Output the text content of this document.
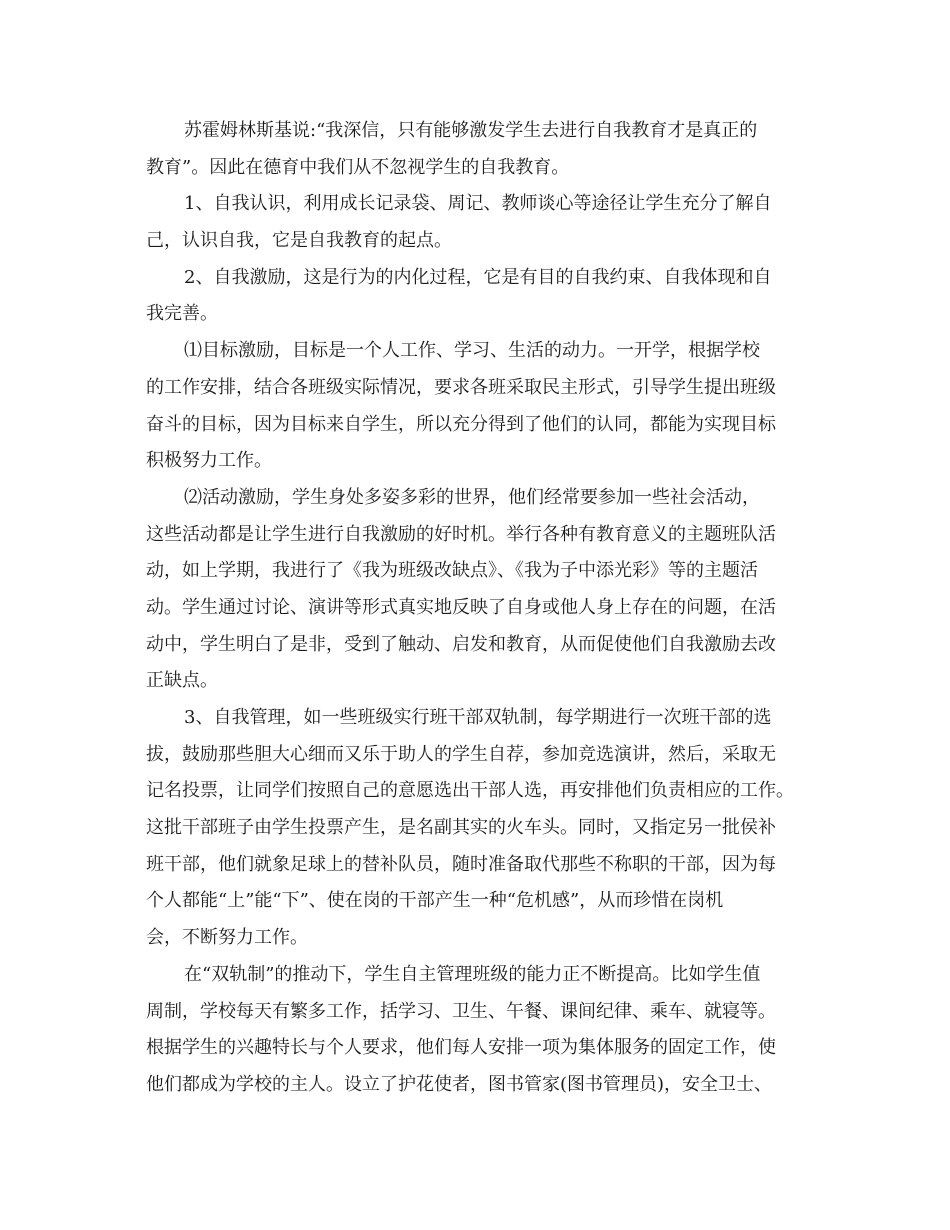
苏霍姆林斯基说:“我深信，只有能够激发学生去进行自我教育才是真正的
教育”。因此在德育中我们从不忽视学生的自我教育。
1、自我认识，利用成长记录袋、周记、教师谈心等途径让学生充分了解自
己，认识自我，它是自我教育的起点。
2、自我激励，这是行为的内化过程，它是有目的自我约束、自我体现和自
我完善。
⑴目标激励，目标是一个人工作、学习、生活的动力。一开学，根据学校
的工作安排，结合各班级实际情况，要求各班采取民主形式，引导学生提出班级
奋斗的目标，因为目标来自学生，所以充分得到了他们的认同，都能为实现目标
积极努力工作。
⑵活动激励，学生身处多姿多彩的世界，他们经常要参加一些社会活动，
这些活动都是让学生进行自我激励的好时机。举行各种有教育意义的主题班队活
动，如上学期，我进行了《我为班级改缺点》、《我为子中添光彩》等的主题活
动。学生通过讨论、演讲等形式真实地反映了自身或他人身上存在的问题，在活
动中，学生明白了是非，受到了触动、启发和教育，从而促使他们自我激励去改
正缺点。
3、自我管理，如一些班级实行班干部双轨制，每学期进行一次班干部的选
拔，鼓励那些胆大心细而又乐于助人的学生自荐，参加竞选演讲，然后，采取无
记名投票，让同学们按照自己的意愿选出干部人选，再安排他们负责相应的工作。
这批干部班子由学生投票产生，是名副其实的火车头。同时，又指定另一批侯补
班干部，他们就象足球上的替补队员，随时准备取代那些不称职的干部，因为每
个人都能“上”能“下”、使在岗的干部产生一种“危机感”，从而珍惜在岗机
会，不断努力工作。
在“双轨制”的推动下，学生自主管理班级的能力正不断提高。比如学生值
周制，学校每天有繁多工作，括学习、卫生、午餐、课间纪律、乘车、就寝等。
根据学生的兴趣特长与个人要求，他们每人安排一项为集体服务的固定工作，使
他们都成为学校的主人。设立了护花使者，图书管家(图书管理员)，安全卫士、
